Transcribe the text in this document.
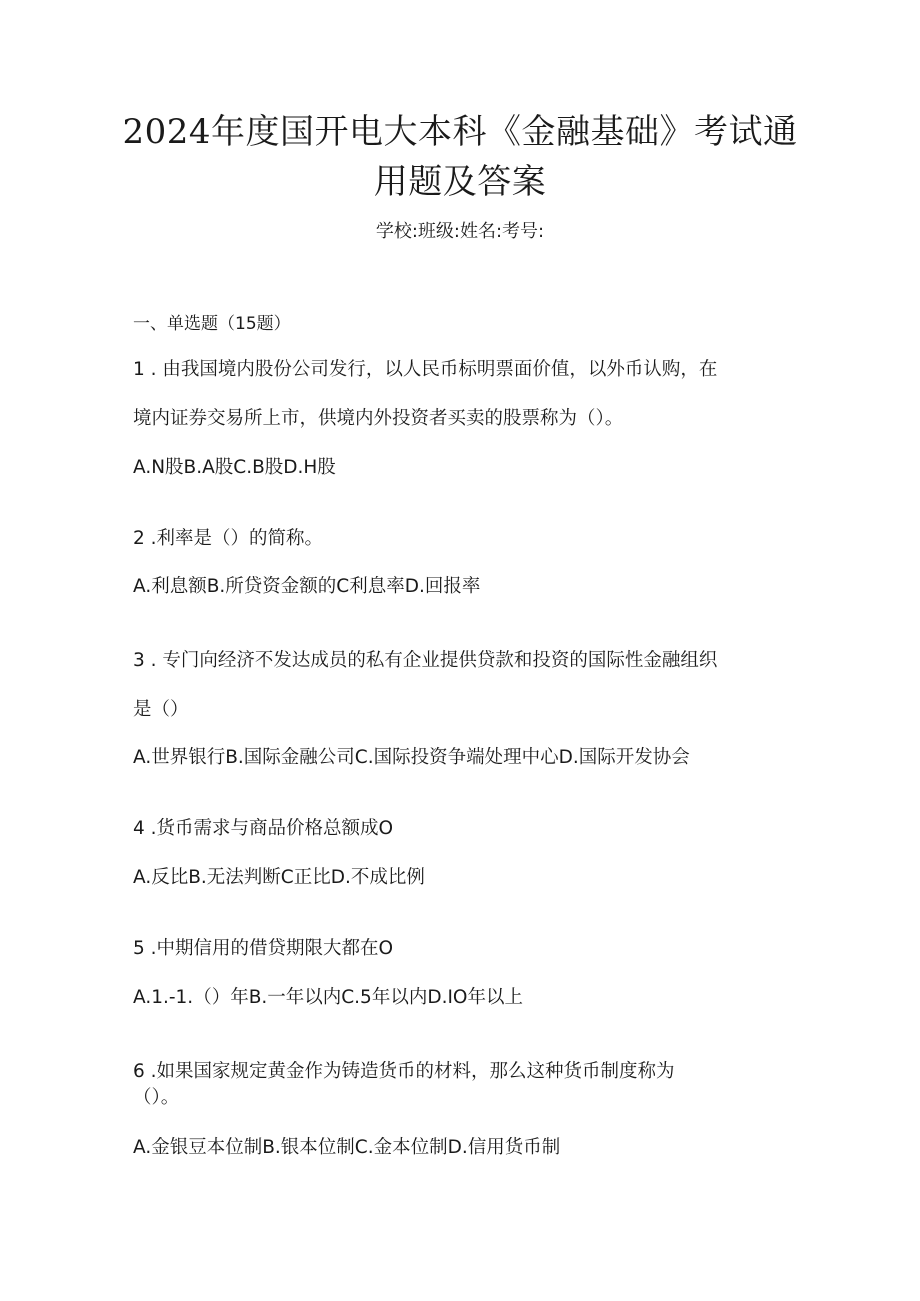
2024年度国开电大本科《金融基础》考试通
用题及答案
学校:班级:姓名:考号:
一、单选题（15题）
1 . 由我国境内股份公司发行，以人民币标明票面价值，以外币认购，在
境内证券交易所上市，供境内外投资者买卖的股票称为（）。
A.N股B.A股C.B股D.H股
2 .利率是（）的简称。
A.利息额B.所贷资金额的C利息率D.回报率
3 . 专门向经济不发达成员的私有企业提供贷款和投资的国际性金融组织
是（）
A.世界银行B.国际金融公司C.国际投资争端处理中心D.国际开发协会
4 .货币需求与商品价格总额成O
A.反比B.无法判断C正比D.不成比例
5 .中期信用的借贷期限大都在O
A.1.-1.（）年B.一年以内C.5年以内D.IO年以上
6 .如果国家规定黄金作为铸造货币的材料，那么这种货币制度称为
（）。
A.金银豆本位制B.银本位制C.金本位制D.信用货币制
